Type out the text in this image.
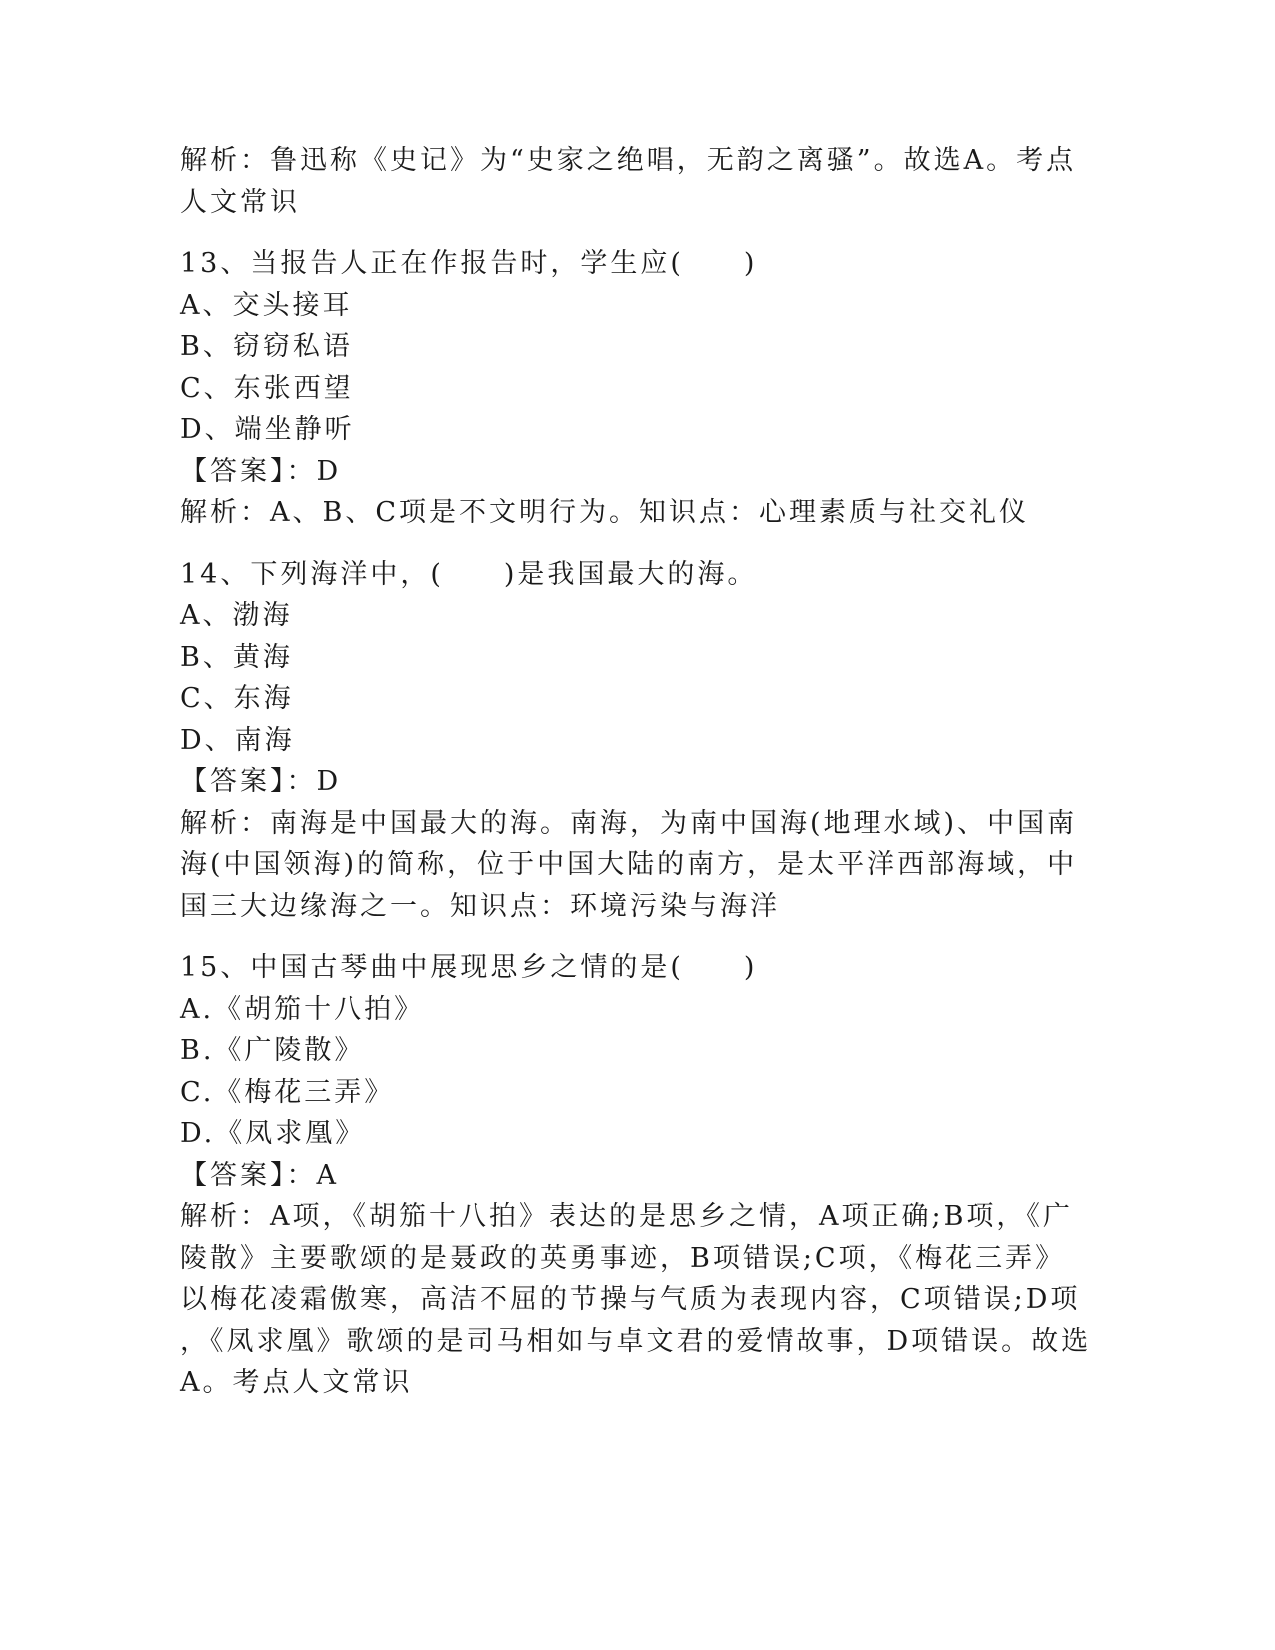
解析：鲁迅称《史记》为“史家之绝唱，无韵之离骚”。故选A。考点

人文常识

13、当报告人正在作报告时，学生应(　　)

A、交头接耳

B、窃窃私语

C、东张西望

D、端坐静听

【答案】：D

解析：A、B、C项是不文明行为。知识点：心理素质与社交礼仪

14、下列海洋中，(　　)是我国最大的海。

A、渤海

B、黄海

C、东海

D、南海

【答案】：D

解析：南海是中国最大的海。南海，为南中国海(地理水域)、中国南

海(中国领海)的简称，位于中国大陆的南方，是太平洋西部海域，中

国三大边缘海之一。知识点：环境污染与海洋

15、中国古琴曲中展现思乡之情的是(　　)

A.《胡笳十八拍》

B.《广陵散》

C.《梅花三弄》

D.《凤求凰》

【答案】：A

解析：A项，《胡笳十八拍》表达的是思乡之情，A项正确;B项，《广

陵散》主要歌颂的是聂政的英勇事迹，B项错误;C项，《梅花三弄》

以梅花凌霜傲寒，高洁不屈的节操与气质为表现内容，C项错误;D项

，《凤求凰》歌颂的是司马相如与卓文君的爱情故事，D项错误。故选

A。考点人文常识
